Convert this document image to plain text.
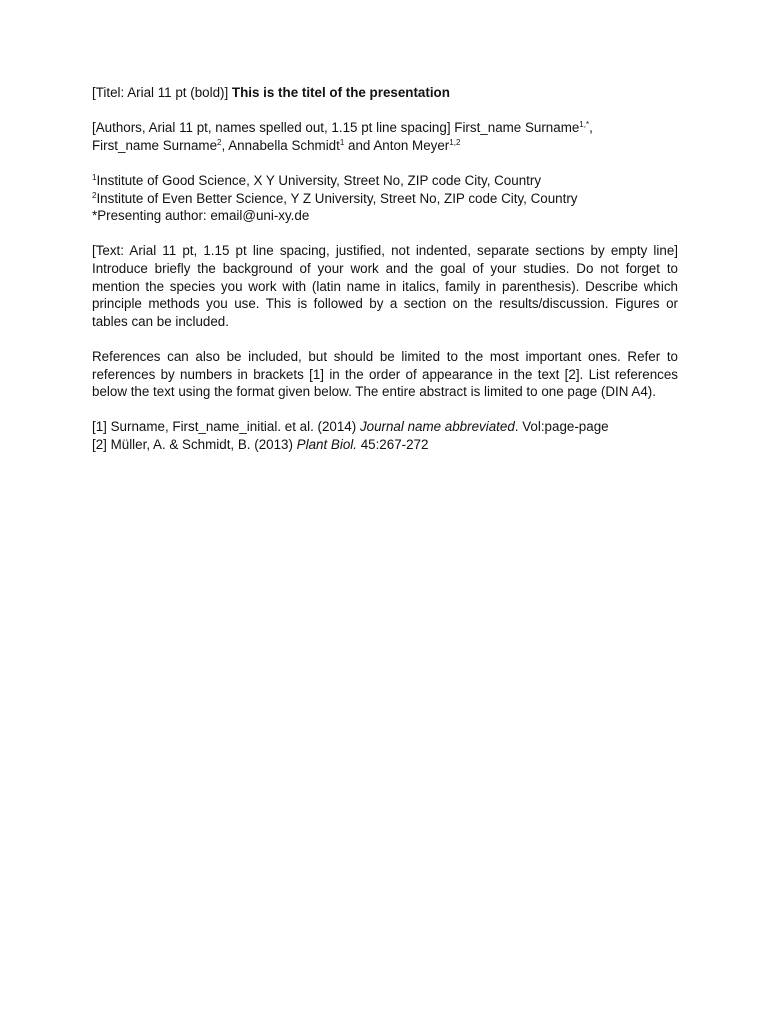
[Titel: Arial 11 pt (bold)] This is the titel of the presentation

[Authors, Arial 11 pt, names spelled out, 1.15 pt line spacing] First_name Surname$^{1,*}$,
First_name Surname$^2$, Annabella Schmidt$^1$ and Anton Meyer$^{1,2}$

$^1$Institute of Good Science, X Y University, Street No, ZIP code City, Country
$^2$Institute of Even Better Science, Y Z University, Street No, ZIP code City, Country
*Presenting author: email@uni-xy.de

[Text: Arial 11 pt, 1.15 pt line spacing, justified, not indented, separate sections by empty line] Introduce briefly the background of your work and the goal of your studies. Do not forget to mention the species you work with (latin name in italics, family in parenthesis). Describe which principle methods you use. This is followed by a section on the results/discussion. Figures or tables can be included.

References can also be included, but should be limited to the most important ones. Refer to references by numbers in brackets [1] in the order of appearance in the text [2]. List references below the text using the format given below. The entire abstract is limited to one page (DIN A4).

[1] Surname, First_name_initial. et al. (2014) Journal name abbreviated. Vol:page-page
[2] Müller, A. & Schmidt, B. (2013) Plant Biol. 45:267-272
